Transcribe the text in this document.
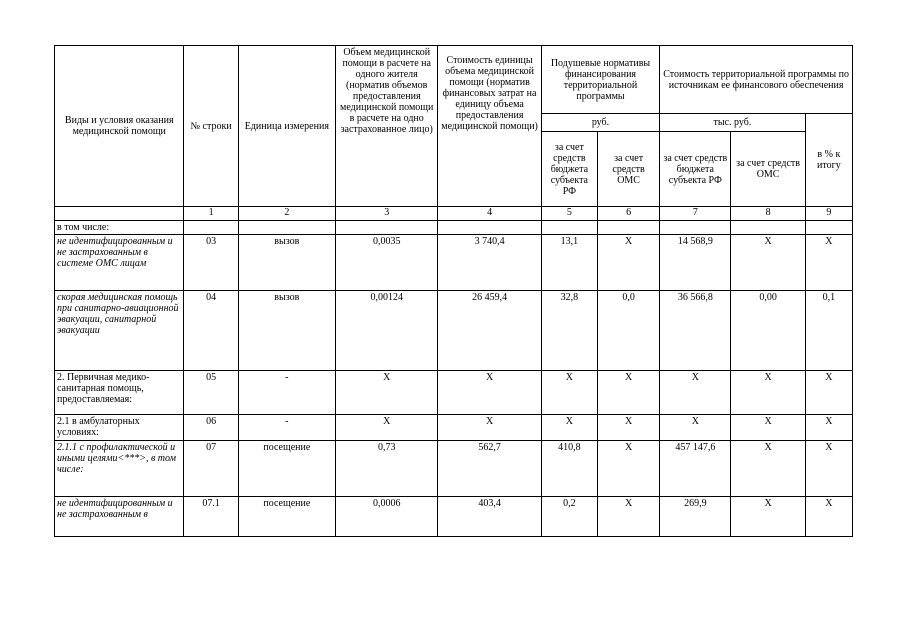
Виды и условия оказания медицинской помощи	№ строки	Единица измерения	Объем медицинской помощи в расчете на одного жителя (норматив объемов предоставления медицинской помощи в расчете на одно застрахованное лицо)	Стоимость единицы объема медицинской помощи (норматив финансовых затрат на единицу объема предоставления медицинской помощи)	Подушевые нормативы финансирования территориальной программы		Стоимость территориальной программы по источникам ее финансового обеспечения		
					руб.		тыс. руб.		в % к итогу
					за счет средств бюджета субъекта РФ	за счет средств ОМС	за счет средств бюджета субъекта РФ	за счет средств ОМС	
	1	2	3	4	5	6	7	8	9
в том числе:									

не идентифицированным и не застрахованным в системе ОМС лицам	03	вызов	0,0035	3 740,4	13,1	X	14 568,9	X	X

скорая медицинская помощь при санитарно-авиационной эвакуации, санитарной эвакуации	04	вызов	0,00124	26 459,4	32,8	0,0	36 566,8	0,00	0,1
2. Первичная медико-санитарная помощь, предоставляемая:	05	-	X	X	X	X	X	X	X
2.1 в амбулаторных условиях:	06	-	X	X	X	X	X	X	X
2.1.1 с профилактической и иными целями<***>, в том числе:	07	посещение	0,73	562,7	410,8	X	457 147,6	X	X

не идентифицированным и не застрахованным в	07.1	посещение	0,0006	403,4	0,2	X	269,9	X	X
